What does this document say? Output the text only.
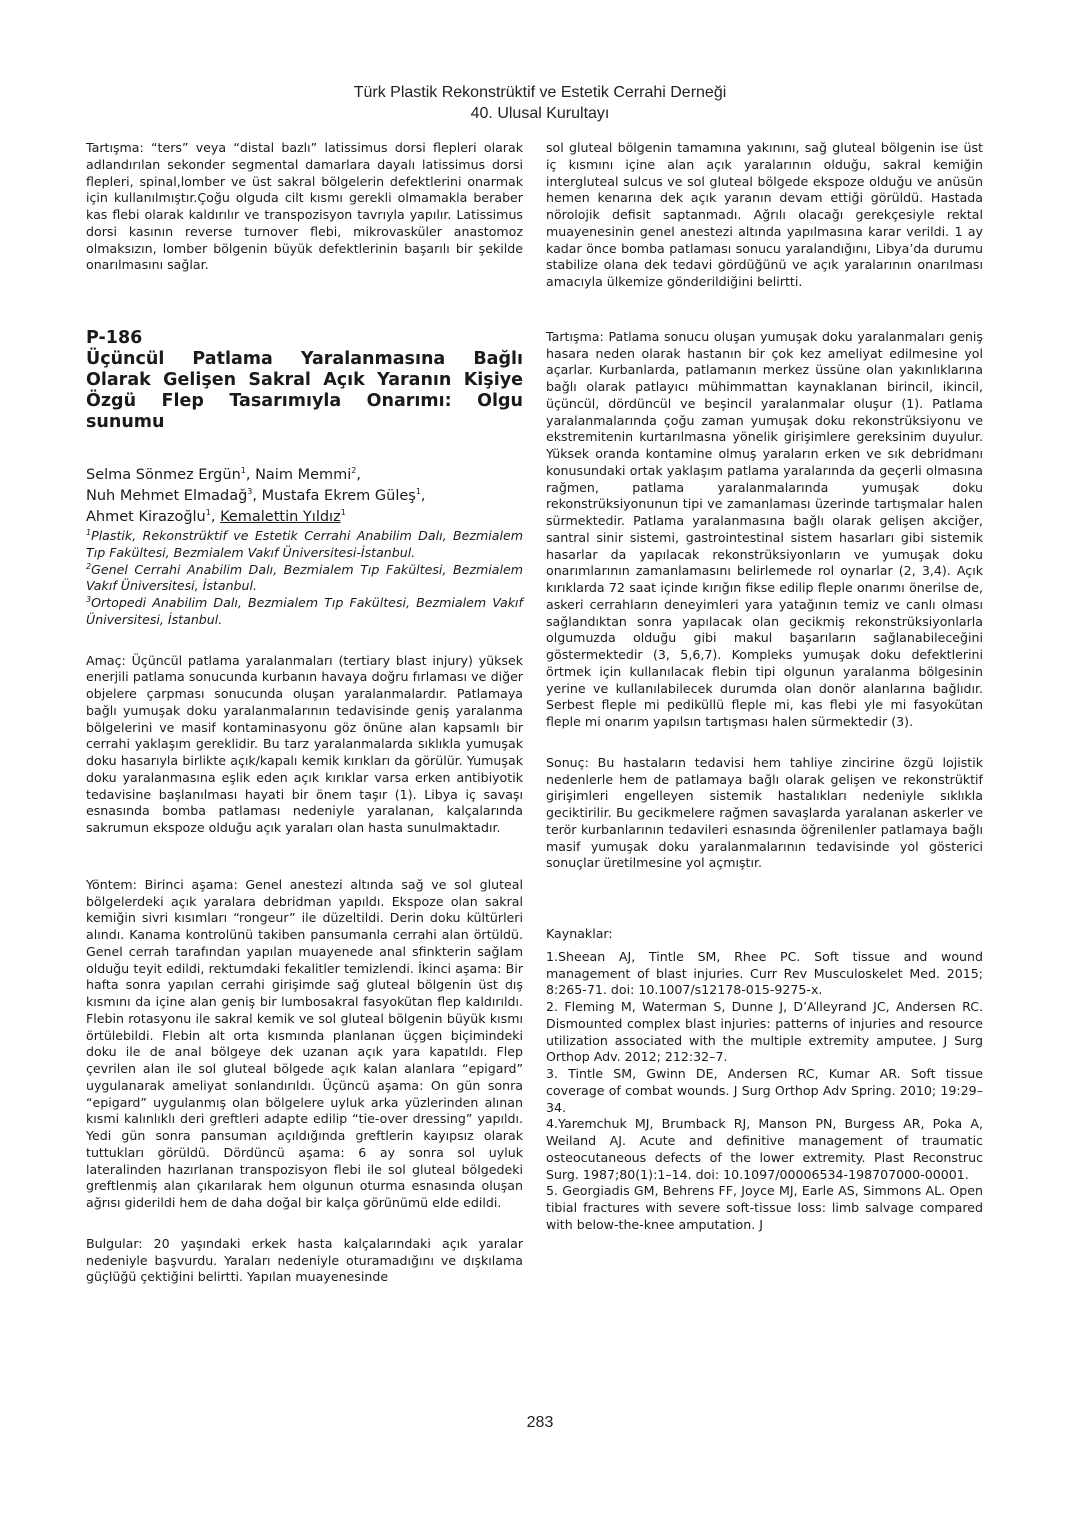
Türk Plastik Rekonstrüktif ve Estetik Cerrahi Derneği
40. Ulusal Kurultayı

Tartışma: “ters” veya “distal bazlı” latissimus dorsi flepleri olarak adlandırılan sekonder segmental damarlara dayalı latissimus dorsi flepleri, spinal,lomber ve üst sakral bölgelerin defektlerini onarmak için kullanılmıştır.Çoğu olguda cilt kısmı gerekli olmamakla beraber kas flebi olarak kaldırılır ve transpozisyon tavrıyla yapılır. Latissimus dorsi kasının reverse turnover flebi, mikrovasküler anastomoz olmaksızın, lomber bölgenin büyük defektlerinin başarılı bir şekilde onarılmasını sağlar.

P-186

Üçüncül Patlama Yaralanmasına Bağlı Olarak Gelişen Sakral Açık Yaranın Kişiye Özgü Flep Tasarımıyla Onarımı: Olgu sunumu

Selma Sönmez Ergün$^1$, Naim Memmi$^2$,
Nuh Mehmet Elmadağ$^3$, Mustafa Ekrem Güleş$^1$,
Ahmet Kirazoğlu$^1$, Kemalettin Yıldız$^1$

$^1$Plastik, Rekonstrüktif ve Estetik Cerrahi Anabilim Dalı, Bezmialem Tıp Fakültesi, Bezmialem Vakıf Üniversitesi-İstanbul.

$^2$Genel Cerrahi Anabilim Dalı, Bezmialem Tıp Fakültesi, Bezmialem Vakıf Üniversitesi, İstanbul.

$^3$Ortopedi Anabilim Dalı, Bezmialem Tıp Fakültesi, Bezmialem Vakıf Üniversitesi, İstanbul.

Amaç: Üçüncül patlama yaralanmaları (tertiary blast injury) yüksek enerjili patlama sonucunda kurbanın havaya doğru fırlaması ve diğer objelere çarpması sonucunda oluşan yaralanmalardır. Patlamaya bağlı yumuşak doku yaralanmalarının tedavisinde geniş yaralanma bölgelerini ve masif kontaminasyonu göz önüne alan kapsamlı bir cerrahi yaklaşım gereklidir. Bu tarz yaralanmalarda sıklıkla yumuşak doku hasarıyla birlikte açık/kapalı kemik kırıkları da görülür. Yumuşak doku yaralanmasına eşlik eden açık kırıklar varsa erken antibiyotik tedavisine başlanılması hayati bir önem taşır (1). Libya iç savaşı esnasında bomba patlaması nedeniyle yaralanan, kalçalarında sakrumun ekspoze olduğu açık yaraları olan hasta sunulmaktadır.

Yöntem: Birinci aşama: Genel anestezi altında sağ ve sol gluteal bölgelerdeki açık yaralara debridman yapıldı. Ekspoze olan sakral kemiğin sivri kısımları “rongeur” ile düzeltildi. Derin doku kültürleri alındı. Kanama kontrolünü takiben pansumanla cerrahi alan örtüldü. Genel cerrah tarafından yapılan muayenede anal sfinkterin sağlam olduğu teyit edildi, rektumdaki fekalitler temizlendi. İkinci aşama: Bir hafta sonra yapılan cerrahi girişimde sağ gluteal bölgenin üst dış kısmını da içine alan geniş bir lumbosakral fasyokütan flep kaldırıldı. Flebin rotasyonu ile sakral kemik ve sol gluteal bölgenin büyük kısmı örtülebildi. Flebin alt orta kısmında planlanan üçgen biçimindeki doku ile de anal bölgeye dek uzanan açık yara kapatıldı. Flep çevrilen alan ile sol gluteal bölgede açık kalan alanlara “epigard” uygulanarak ameliyat sonlandırıldı. Üçüncü aşama: On gün sonra “epigard” uygulanmış olan bölgelere uyluk arka yüzlerinden alınan kısmi kalınlıklı deri greftleri adapte edilip “tie-over dressing” yapıldı. Yedi gün sonra pansuman açıldığında greftlerin kayıpsız olarak tuttukları görüldü. Dördüncü aşama: 6 ay sonra sol uyluk lateralinden hazırlanan transpozisyon flebi ile sol gluteal bölgedeki greftlenmiş alan çıkarılarak hem olgunun oturma esnasında oluşan ağrısı giderildi hem de daha doğal bir kalça görünümü elde edildi.

Bulgular: 20 yaşındaki erkek hasta kalçalarındaki açık yaralar nedeniyle başvurdu. Yaraları nedeniyle oturamadığını ve dışkılama güçlüğü çektiğini belirtti. Yapılan muayenesinde

sol gluteal bölgenin tamamına yakınını, sağ gluteal bölgenin ise üst iç kısmını içine alan açık yaralarının olduğu, sakral kemiğin intergluteal sulcus ve sol gluteal bölgede ekspoze olduğu ve anüsün hemen kenarına dek açık yaranın devam ettiği görüldü. Hastada nörolojik defisit saptanmadı. Ağrılı olacağı gerekçesiyle rektal muayenesinin genel anestezi altında yapılmasına karar verildi. 1 ay kadar önce bomba patlaması sonucu yaralandığını, Libya’da durumu stabilize olana dek tedavi gördüğünü ve açık yaralarının onarılması amacıyla ülkemize gönderildiğini belirtti.

Tartışma: Patlama sonucu oluşan yumuşak doku yaralanmaları geniş hasara neden olarak hastanın bir çok kez ameliyat edilmesine yol açarlar. Kurbanlarda, patlamanın merkez üssüne olan yakınlıklarına bağlı olarak patlayıcı mühimmattan kaynaklanan birincil, ikincil, üçüncül, dördüncül ve beşincil yaralanmalar oluşur (1). Patlama yaralanmalarında çoğu zaman yumuşak doku rekonstrüksiyonu ve ekstremitenin kurtarılmasna yönelik girişimlere gereksinim duyulur. Yüksek oranda kontamine olmuş yaraların erken ve sık debridmanı konusundaki ortak yaklaşım patlama yaralarında da geçerli olmasına rağmen, patlama yaralanmalarında yumuşak doku rekonstrüksiyonunun tipi ve zamanlaması üzerinde tartışmalar halen sürmektedir. Patlama yaralanmasına bağlı olarak gelişen akciğer, santral sinir sistemi, gastrointestinal sistem hasarları gibi sistemik hasarlar da yapılacak rekonstrüksiyonların ve yumuşak doku onarımlarının zamanlamasını belirlemede rol oynarlar (2, 3,4). Açık kırıklarda 72 saat içinde kırığın fikse edilip fleple onarımı önerilse de, askeri cerrahların deneyimleri yara yatağının temiz ve canlı olması sağlandıktan sonra yapılacak olan gecikmiş rekonstrüksiyonlarla olgumuzda olduğu gibi makul başarıların sağlanabileceğini göstermektedir (3, 5,6,7). Kompleks yumuşak doku defektlerini örtmek için kullanılacak flebin tipi olgunun yaralanma bölgesinin yerine ve kullanılabilecek durumda olan donör alanlarına bağlıdır. Serbest fleple mi pediküllü fleple mi, kas flebi yle mi fasyokütan fleple mi onarım yapılsın tartışması halen sürmektedir (3).

Sonuç: Bu hastaların tedavisi hem tahliye zincirine özgü lojistik nedenlerle hem de patlamaya bağlı olarak gelişen ve rekonstrüktif girişimleri engelleyen sistemik hastalıkları nedeniyle sıklıkla geciktirilir. Bu gecikmelere rağmen savaşlarda yaralanan askerler ve terör kurbanlarının tedavileri esnasında öğrenilenler patlamaya bağlı masif yumuşak doku yaralanmalarının tedavisinde yol gösterici sonuçlar üretilmesine yol açmıştır.

Kaynaklar:

1.Sheean AJ, Tintle SM, Rhee PC. Soft tissue and wound management of blast injuries. Curr Rev Musculoskelet Med. 2015; 8:265-71. doi: 10.1007/s12178-015-9275-x.

2. Fleming M, Waterman S, Dunne J, D’Alleyrand JC, Andersen RC. Dismounted complex blast injuries: patterns of injuries and resource utilization associated with the multiple extremity amputee. J Surg Orthop Adv. 2012; 212:32–7.

3. Tintle SM, Gwinn DE, Andersen RC, Kumar AR. Soft tissue coverage of combat wounds. J Surg Orthop Adv Spring. 2010; 19:29–34.

4.Yaremchuk MJ, Brumback RJ, Manson PN, Burgess AR, Poka A, Weiland AJ. Acute and definitive management of traumatic osteocutaneous defects of the lower extremity. Plast Reconstruc Surg. 1987;80(1):1–14. doi: 10.1097/00006534-198707000-00001.

5. Georgiadis GM, Behrens FF, Joyce MJ, Earle AS, Simmons AL. Open tibial fractures with severe soft-tissue loss: limb salvage compared with below-the-knee amputation. J

283
